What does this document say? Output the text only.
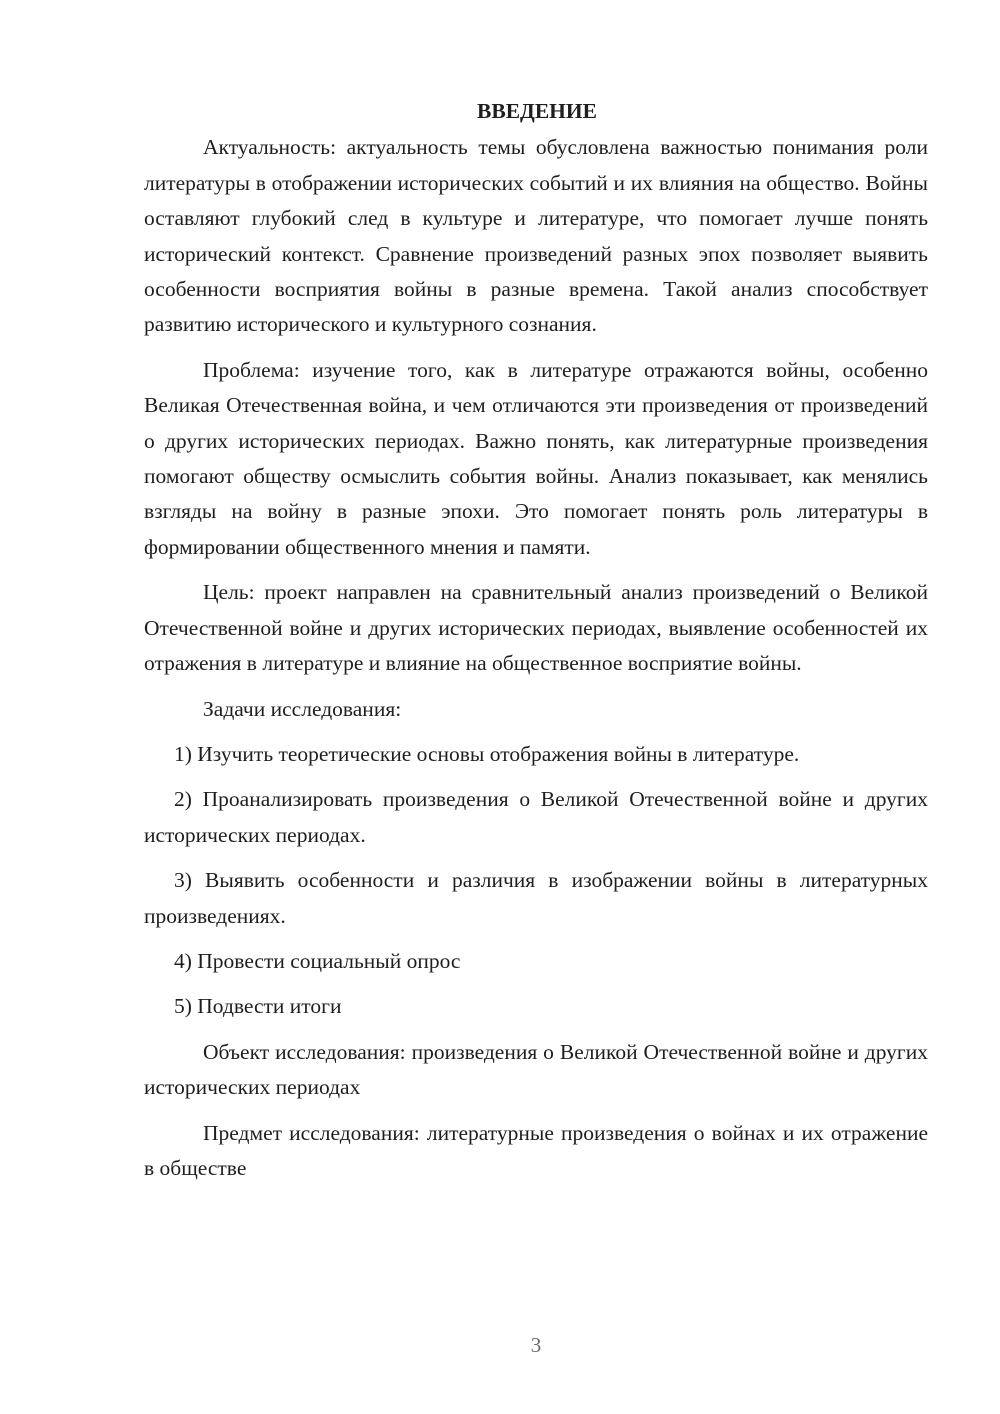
ВВЕДЕНИЕ

Актуальность: актуальность темы обусловлена важностью понимания роли литературы в отображении исторических событий и их влияния на общество. Войны оставляют глубокий след в культуре и литературе, что помогает лучше понять исторический контекст. Сравнение произведений разных эпох позволяет выявить особенности восприятия войны в разные времена. Такой анализ способствует развитию исторического и культурного сознания.

Проблема: изучение того, как в литературе отражаются войны, особенно Великая Отечественная война, и чем отличаются эти произведения от произведений о других исторических периодах. Важно понять, как литературные произведения помогают обществу осмыслить события войны. Анализ показывает, как менялись взгляды на войну в разные эпохи. Это помогает понять роль литературы в формировании общественного мнения и памяти.

Цель: проект направлен на сравнительный анализ произведений о Великой Отечественной войне и других исторических периодах, выявление особенностей их отражения в литературе и влияние на общественное восприятие войны.

Задачи исследования:

1) Изучить теоретические основы отображения войны в литературе.

2) Проанализировать произведения о Великой Отечественной войне и других исторических периодах.

3) Выявить особенности и различия в изображении войны в литературных произведениях.

4) Провести социальный опрос

5) Подвести итоги

Объект исследования: произведения о Великой Отечественной войне и других исторических периодах

Предмет исследования: литературные произведения о войнах и их отражение в обществе

3
